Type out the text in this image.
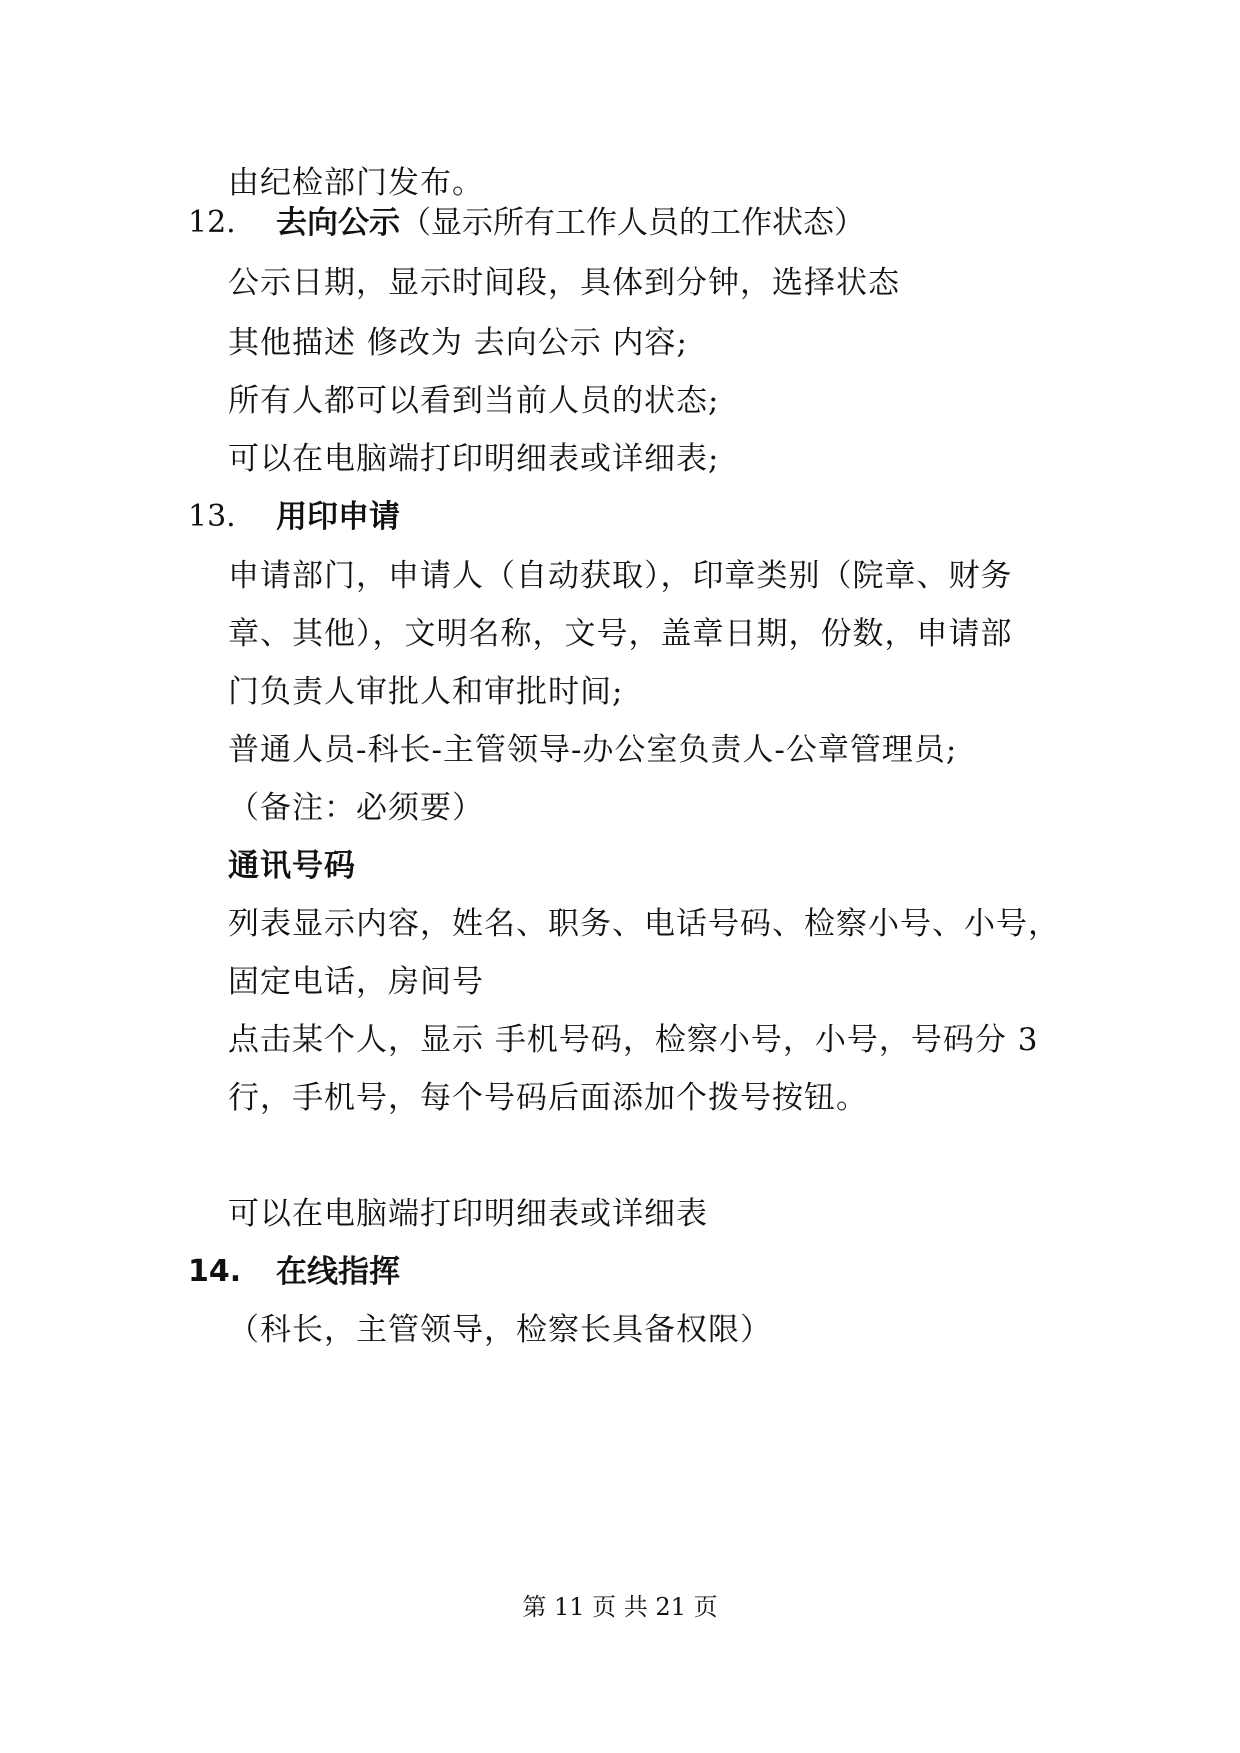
由纪检部门发布。
12. 去向公示（显示所有工作人员的工作状态）
公示日期，显示时间段，具体到分钟，选择状态
其他描述 修改为 去向公示 内容;
所有人都可以看到当前人员的状态;
可以在电脑端打印明细表或详细表;
13. 用印申请
申请部门，申请人（自动获取），印章类别（院章、财务
章、其他），文明名称，文号，盖章日期，份数，申请部
门负责人审批人和审批时间;
普通人员-科长-主管领导-办公室负责人-公章管理员;
（备注：必须要）
通讯号码
列表显示内容，姓名、职务、电话号码、检察小号、小号，
固定电话，房间号
点击某个人，显示 手机号码，检察小号，小号，号码分 3
行，手机号，每个号码后面添加个拨号按钮。
可以在电脑端打印明细表或详细表
14. 在线指挥
（科长，主管领导，检察长具备权限）
第 11 页 共 21 页
